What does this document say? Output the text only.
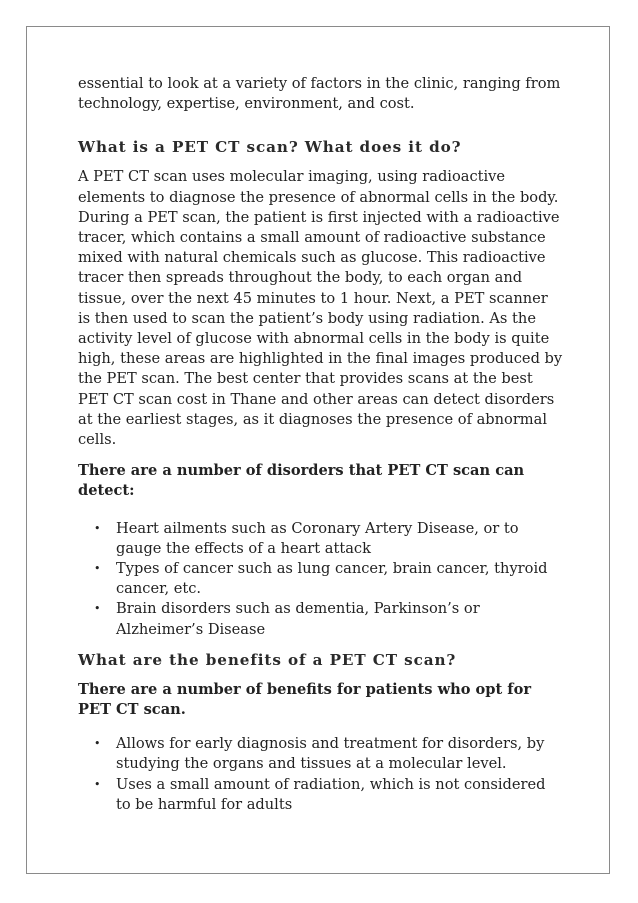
essential to look at a variety of factors in the clinic, ranging from technology, expertise, environment, and cost.

What is a PET CT scan? What does it do?

A PET CT scan uses molecular imaging, using radioactive elements to diagnose the presence of abnormal cells in the body. During a PET scan, the patient is first injected with a radioactive tracer, which contains a small amount of radioactive substance mixed with natural chemicals such as glucose. This radioactive tracer then spreads throughout the body, to each organ and tissue, over the next 45 minutes to 1 hour. Next, a PET scanner is then used to scan the patient’s body using radiation. As the activity level of glucose with abnormal cells in the body is quite high, these areas are highlighted in the final images produced by the PET scan. The best center that provides scans at the best PET CT scan cost in Thane and other areas can detect disorders at the earliest stages, as it diagnoses the presence of abnormal cells.

There are a number of disorders that PET CT scan can detect:

• Heart ailments such as Coronary Artery Disease, or to gauge the effects of a heart attack
• Types of cancer such as lung cancer, brain cancer, thyroid cancer, etc.
• Brain disorders such as dementia, Parkinson’s or Alzheimer’s Disease
What are the benefits of a PET CT scan?

There are a number of benefits for patients who opt for PET CT scan.

• Allows for early diagnosis and treatment for disorders, by studying the organs and tissues at a molecular level.
• Uses a small amount of radiation, which is not considered to be harmful for adults
